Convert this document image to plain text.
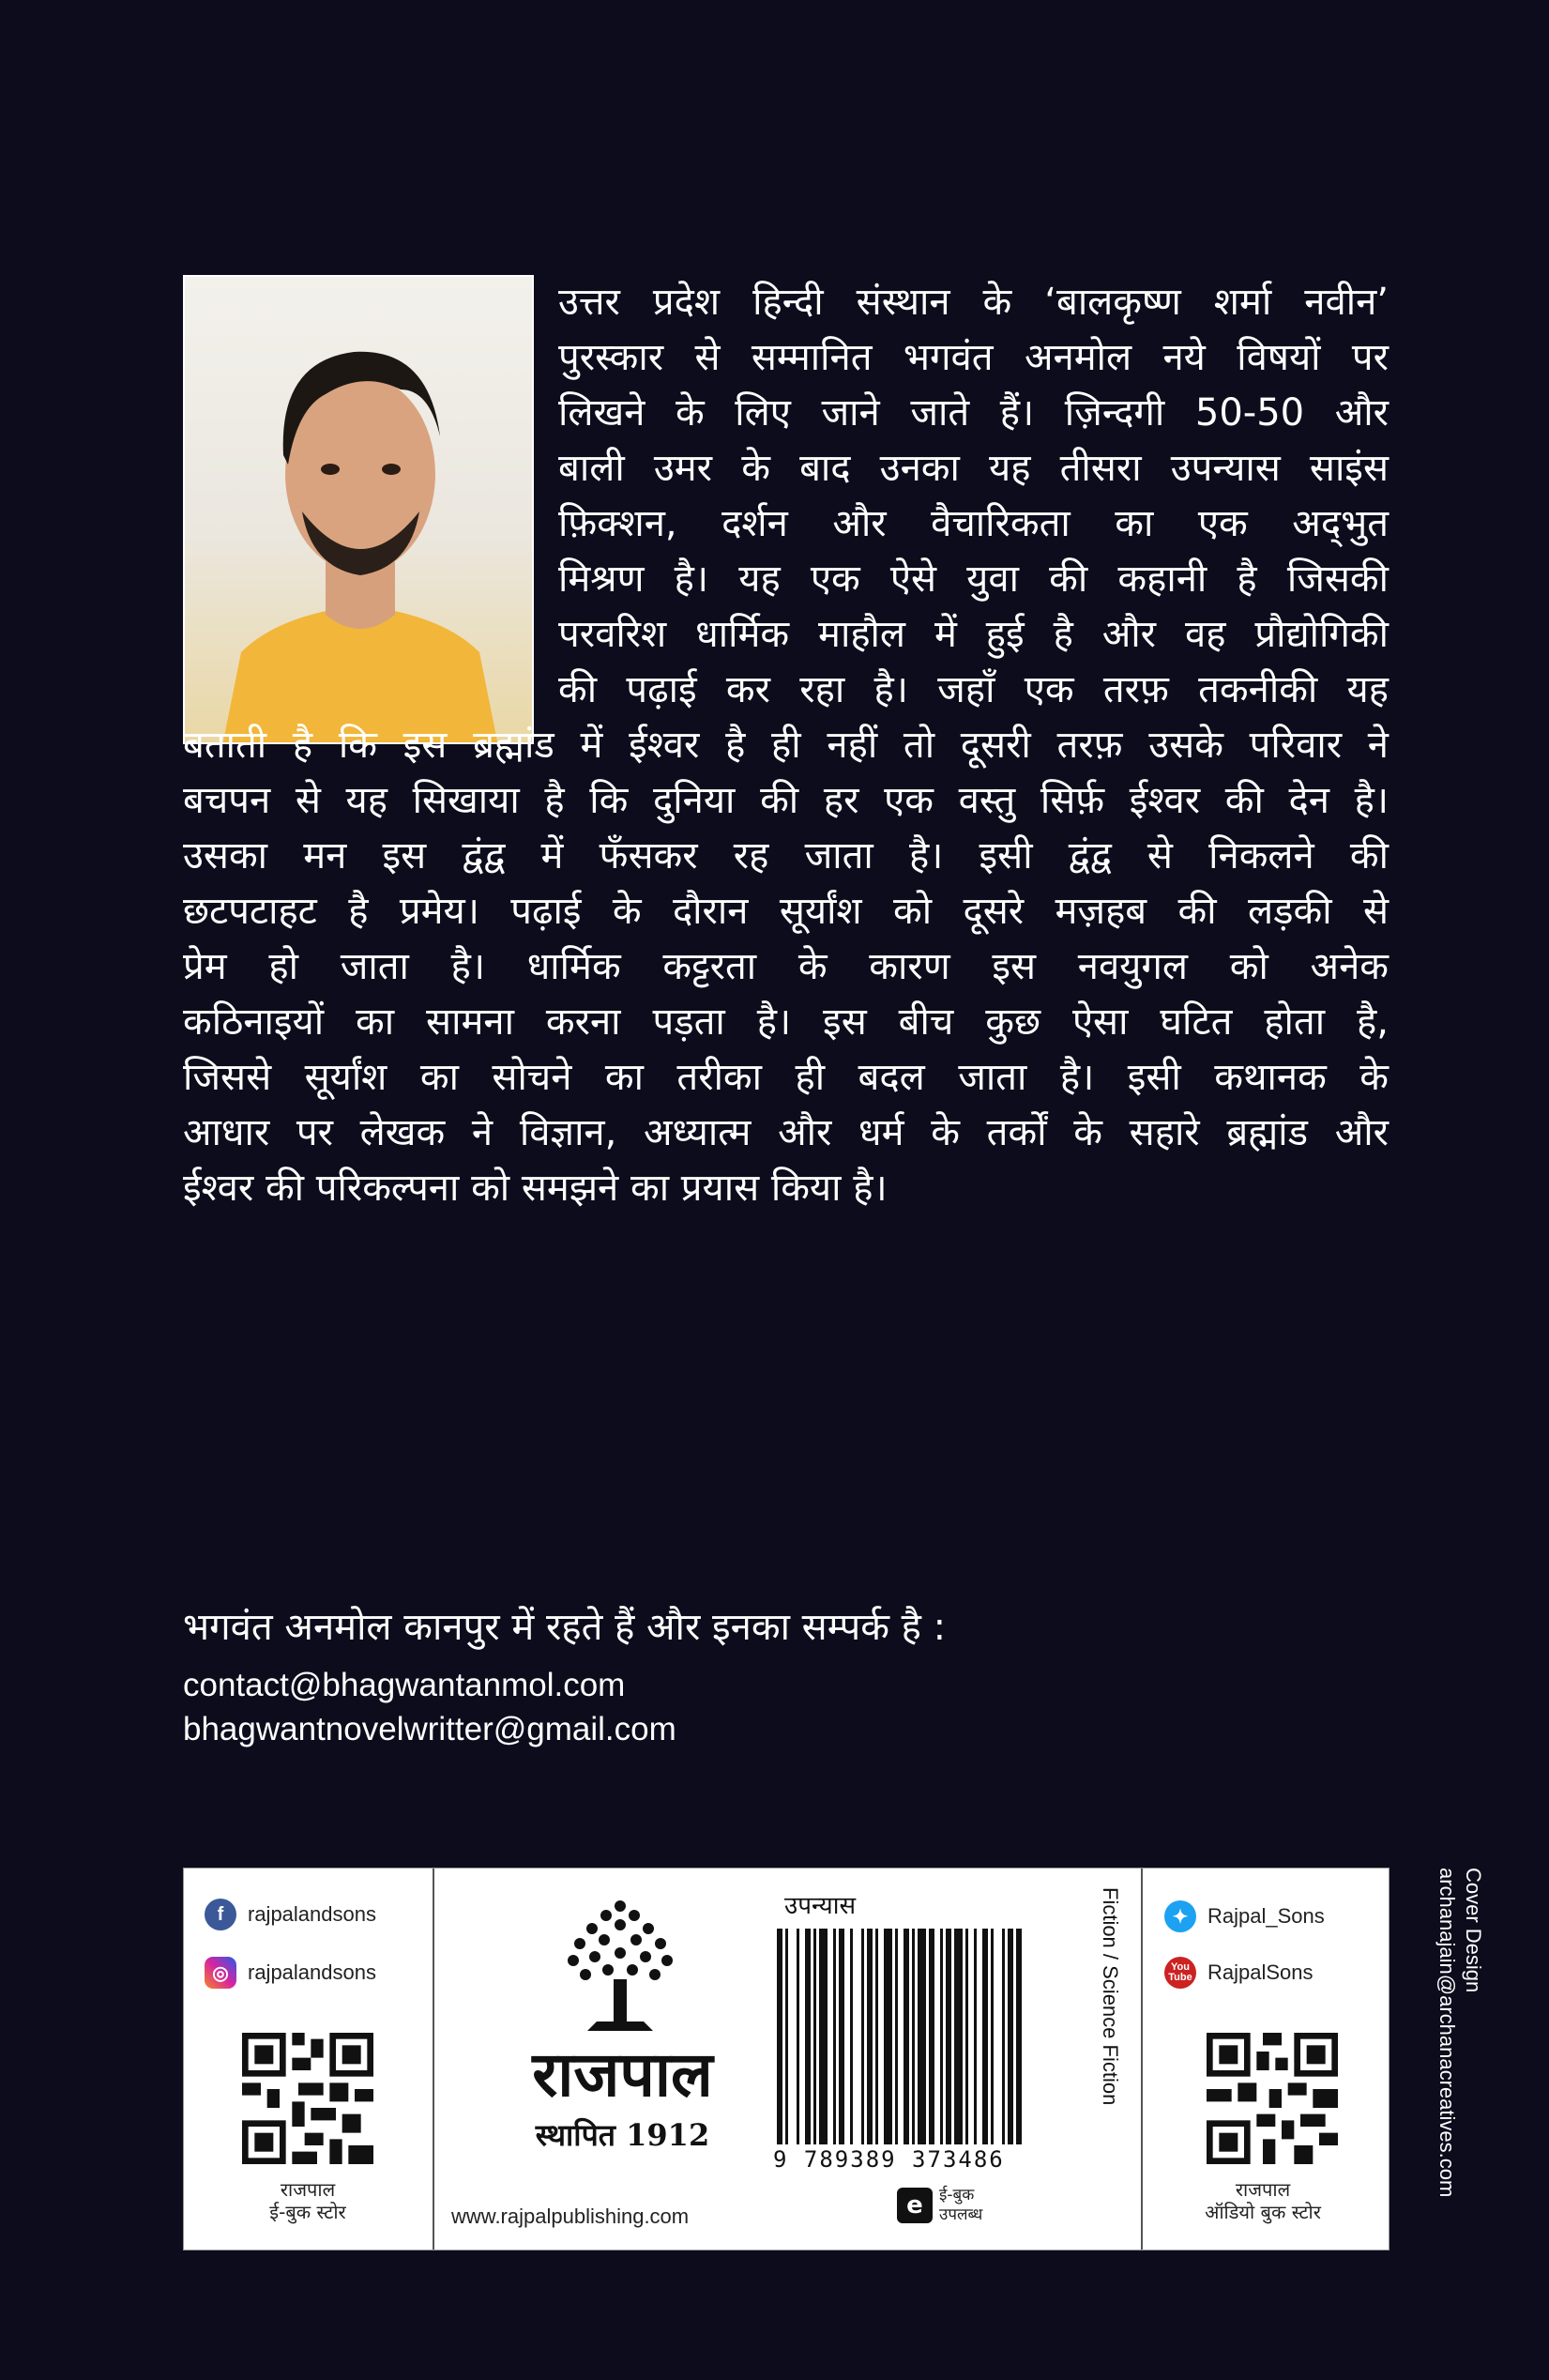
उत्तर प्रदेश हिन्दी संस्थान के ‘बालकृष्ण शर्मा नवीन’
पुरस्कार से सम्मानित भगवंत अनमोल नये विषयों पर
लिखने के लिए जाने जाते हैं। ज़िन्दगी 50-50 और
बाली उमर के बाद उनका यह तीसरा उपन्यास साइंस
फ़िक्शन, दर्शन और वैचारिकता का एक अद्‌भुत
मिश्रण है। यह एक ऐसे युवा की कहानी है जिसकी
परवरिश धार्मिक माहौल में हुई है और वह प्रौद्योगिकी
की पढ़ाई कर रहा है। जहाँ एक तरफ़ तकनीकी यह
बताती है कि इस ब्रह्मांड में ईश्वर है ही नहीं तो दूसरी तरफ़ उसके परिवार ने
बचपन से यह सिखाया है कि दुनिया की हर एक वस्तु सिर्फ़ ईश्वर की देन है।
उसका मन इस द्वंद्व में फँसकर रह जाता है। इसी द्वंद्व से निकलने की
छटपटाहट है प्रमेय। पढ़ाई के दौरान सूर्यांश को दूसरे मज़हब की लड़की से
प्रेम हो जाता है। धार्मिक कट्टरता के कारण इस नवयुगल को अनेक
कठिनाइयों का सामना करना पड़ता है। इस बीच कुछ ऐसा घटित होता है,
जिससे सूर्यांश का सोचने का तरीका ही बदल जाता है। इसी कथानक के
आधार पर लेखक ने विज्ञान, अध्यात्म और धर्म के तर्कों के सहारे ब्रह्मांड और
ईश्वर की परिकल्पना को समझने का प्रयास किया है।
भगवंत अनमोल कानपुर में रहते हैं और इनका सम्पर्क है :
contact@bhagwantanmol.com
bhagwantnovelwritter@gmail.com
Cover Design
archanajain@archanacreatives.com
f	rajpalandsons
◎ rajpalandsons
राजपाल
ई-बुक स्टोर
राजपाल
स्थापित 1912
www.rajpalpublishing.com
उपन्यास
9 789389 373486
e	ई-बुक
उपलब्ध
Fiction / Science Fiction	✦ Rajpal_Sons
You Tube RajpalSons
राजपाल
ऑडियो बुक स्टोर
